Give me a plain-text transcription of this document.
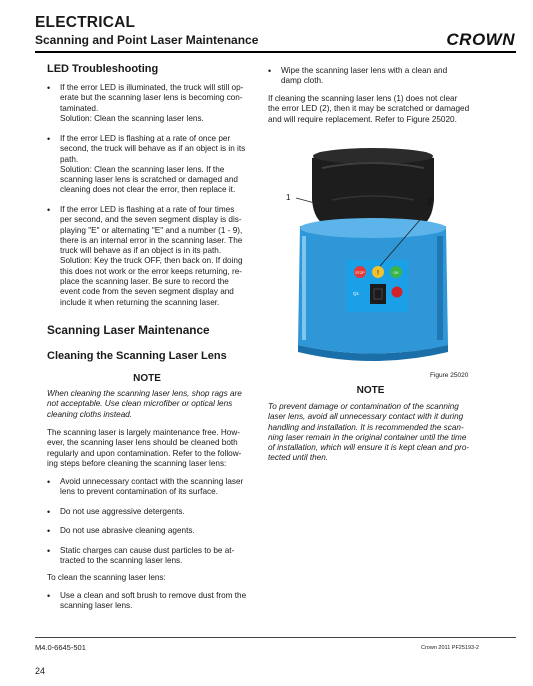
ELECTRICAL
Scanning and Point Laser Maintenance	CROWN
LED Troubleshooting
• If the error LED is illuminated, the truck will still op-
erate but the scanning laser lens is becoming con-
taminated.
Solution: Clean the scanning laser lens.
• If the error LED is flashing at a rate of once per
second, the truck will behave as if an object is in its
path.
Solution: Clean the scanning laser lens. If the
scanning laser lens is scratched or damaged and
cleaning does not clear the error, then replace it.
• If the error LED is flashing at a rate of four times
per second, and the seven segment display is dis-
playing "E" or alternating "E" and a number (1 - 9),
there is an internal error in the scanning laser. The
truck will behave as if an object is in its path.
Solution: Key the truck OFF, then back on. If doing
this does not work or the error keeps returning, re-
place the scanning laser. Be sure to record the
event code from the seven segment display and
include it when returning the scanning laser.
Scanning Laser Maintenance
Cleaning the Scanning Laser Lens
NOTE
When cleaning the scanning laser lens, shop rags are
not acceptable. Use clean microfiber or optical lens
cleaning cloths instead.
The scanning laser is largely maintenance free. How-
ever, the scanning laser lens should be cleaned both
regularly and upon contamination. Refer to the follow-
ing steps before cleaning the scanning laser lens:
• Avoid unnecessary contact with the scanning laser
lens to prevent contamination of its surface.
• Do not use aggressive detergents.
• Do not use abrasive cleaning agents.
• Static charges can cause dust particles to be at-
tracted to the scanning laser lens.
To clean the scanning laser lens:
• Use a clean and soft brush to remove dust from the
scanning laser lens.
• Wipe the scanning laser lens with a clean and
damp cloth.
If cleaning the scanning laser lens (1) does not clear
the error LED (2), then it may be scratched or damaged
and will require replacement. Refer to Figure 25020.
STOP !	OK
Q1
1	2
Figure 25020
NOTE
To prevent damage or contamination of the scanning
laser lens, avoid all unnecessary contact with it during
handling and installation. It is recommended the scan-
ning laser remain in the original container until the time
of installation, which will ensure it is kept clean and pro-
tected until then.
M4.0-6645-501	Crown 2011 PF25193-2
24
